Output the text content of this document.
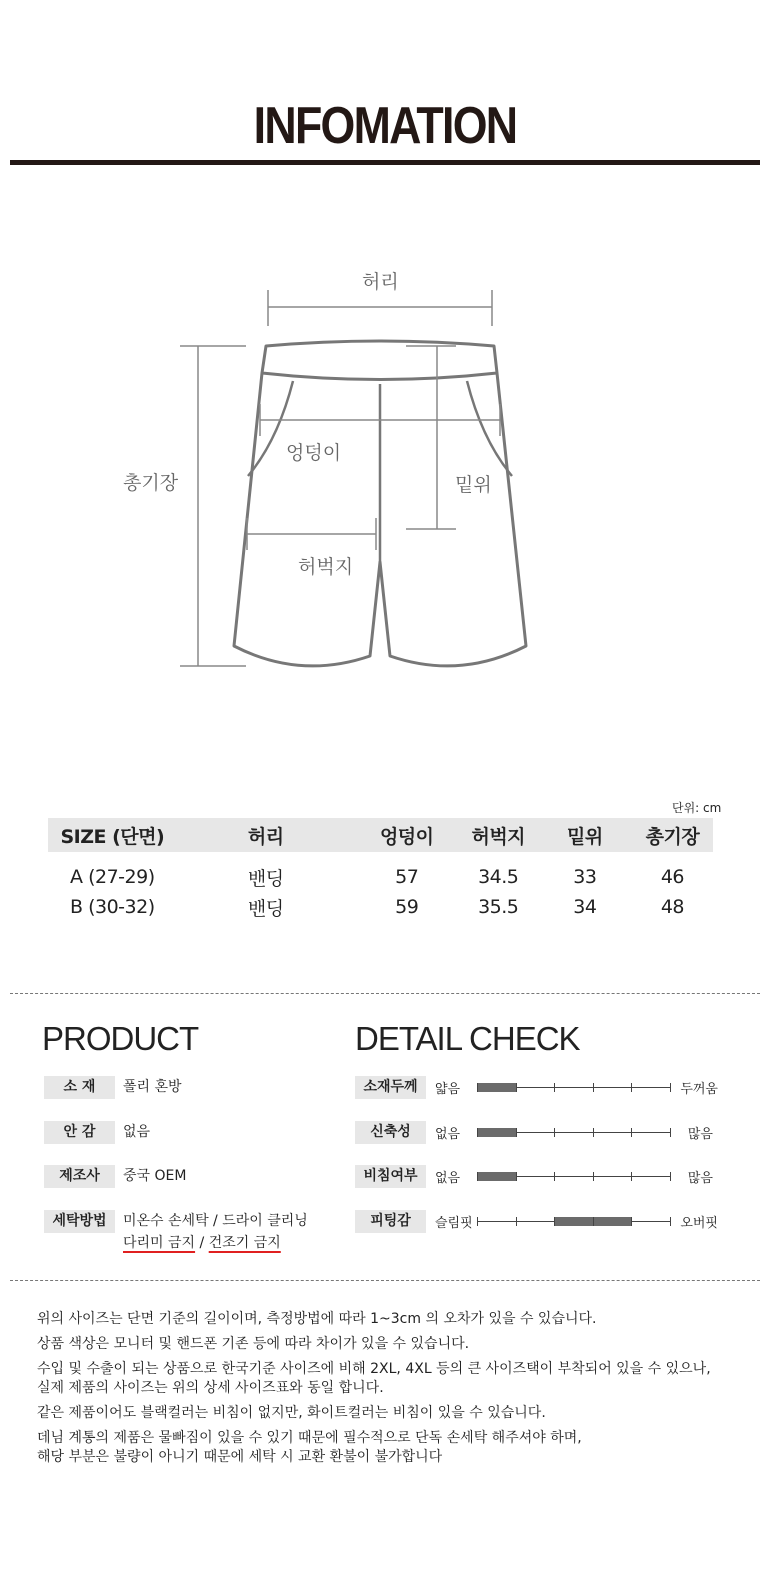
INFOMATION
허리
엉덩이
밑위
허벅지
총기장
단위: cm
SIZE (단면)	허리	엉덩이	허벅지	밑위	총기장
A (27-29)	밴딩	57	34.5	33	46
B (30-32)	밴딩	59	35.5	34	48
PRODUCT
소 재	폴리 혼방
안 감	없음
제조사	중국 OEM
세탁방법	미온수 손세탁 / 드라이 클리닝
다리미 금지 / 건조기 금지
DETAIL CHECK
소재두께	얇음	두꺼움
신축성	없음	많음
비침여부	없음	많음
피팅감	슬림핏	오버핏

위의 사이즈는 단면 기준의 길이이며, 측정방법에 따라 1~3cm 의 오차가 있을 수 있습니다.

상품 색상은 모니터 및 핸드폰 기존 등에 따라 차이가 있을 수 있습니다.

수입 및 수출이 되는 상품으로 한국기준 사이즈에 비해 2XL, 4XL 등의 큰 사이즈택이 부착되어 있을 수 있으나,
실제 제품의 사이즈는 위의 상세 사이즈표와 동일 합니다.

같은 제품이어도 블랙컬러는 비침이 없지만, 화이트컬러는 비침이 있을 수 있습니다.

데님 계통의 제품은 물빠짐이 있을 수 있기 때문에 필수적으로 단독 손세탁 해주셔야 하며,
해당 부분은 불량이 아니기 때문에 세탁 시 교환 환불이 불가합니다
